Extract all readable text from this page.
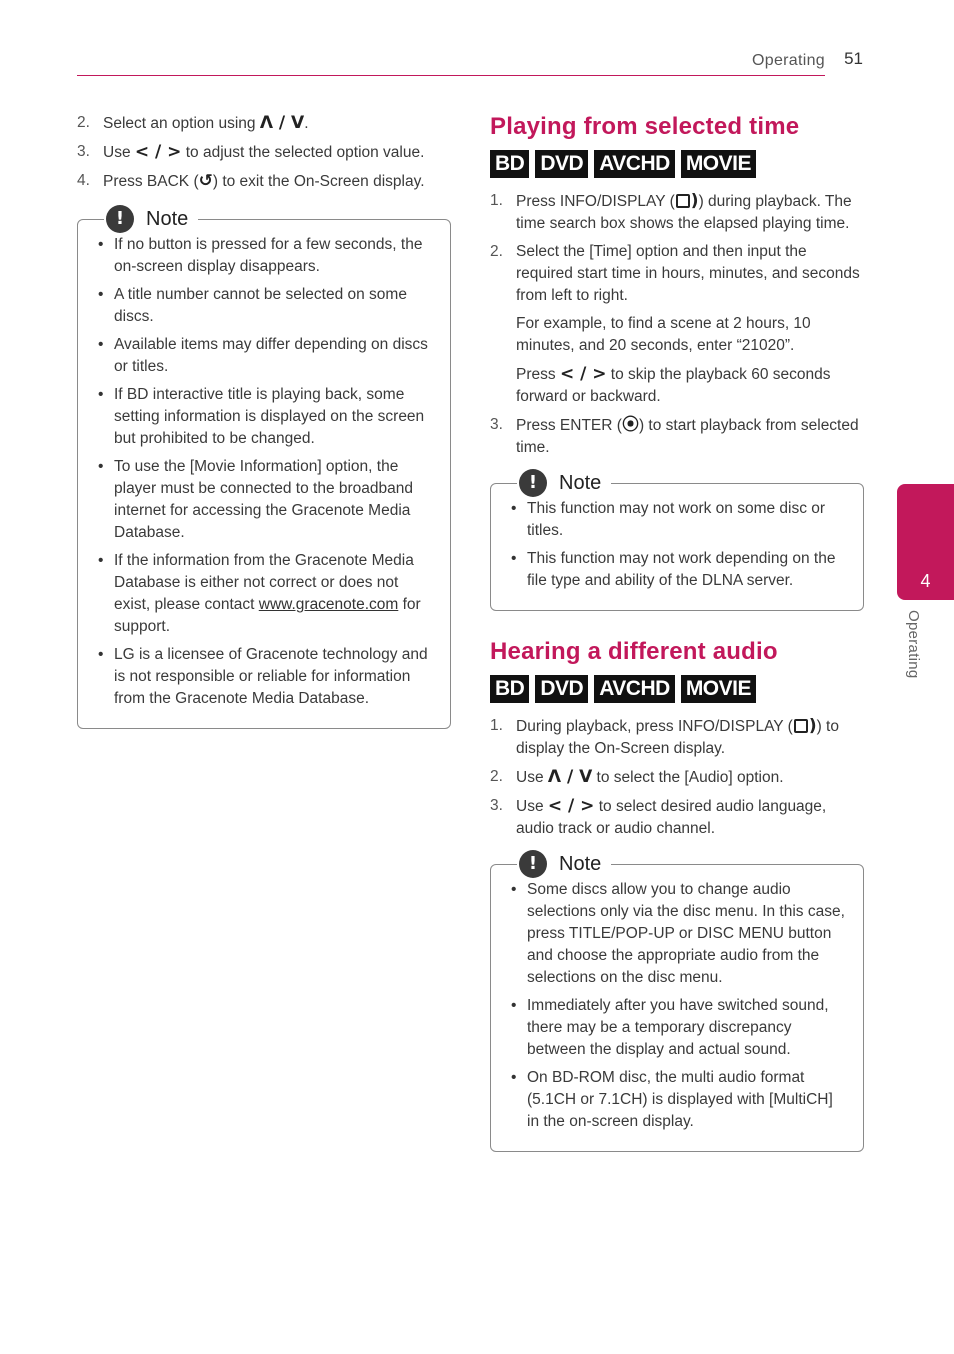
Operating 51
2. Select an option using Λ / V.
3. Use < / > to adjust the selected option value.
4. Press BACK (↺) to exit the On-Screen display.
!	Note
• If no button is pressed for a few seconds, the on-screen display disappears.
• A title number cannot be selected on some discs.
• Available items may differ depending on discs or titles.
• If BD interactive title is playing back, some setting information is displayed on the screen but prohibited to be changed.
• To use the [Movie Information] option, the player must be connected to the broadband internet for accessing the Gracenote Media Database.
• If the information from the Gracenote Media Database is either not correct or does not exist, please contact www.gracenote.com for support.
• LG is a licensee of Gracenote technology and is not responsible or reliable for information from the Gracenote Media Database.
Playing from selected time
BD DVD AVCHD MOVIE
1. Press INFO/DISPLAY ( )) during playback. The time search box shows the elapsed playing time.
2. Select the [Time] option and then input the required start time in hours, minutes, and seconds from left to right.

For example, to find a scene at 2 hours, 10 minutes, and 20 seconds, enter “21020”.

Press < / > to skip the playback 60 seconds forward or backward.

3. Press ENTER (⦿) to start playback from selected time.
!	Note
• This function may not work on some disc or titles.
• This function may not work depending on the file type and ability of the DLNA server.
Hearing a different audio
BD DVD AVCHD MOVIE
1. During playback, press INFO/DISPLAY ( )) to display the On-Screen display.
2. Use Λ / V to select the [Audio] option.
3. Use < / > to select desired audio language, audio track or audio channel.
!	Note
• Some discs allow you to change audio selections only via the disc menu. In this case, press TITLE/POP-UP or DISC MENU button and choose the appropriate audio from the selections on the disc menu.
• Immediately after you have switched sound, there may be a temporary discrepancy between the display and actual sound.
• On BD-ROM disc, the multi audio format (5.1CH or 7.1CH) is displayed with [MultiCH] in the on-screen display.
4
Operating
